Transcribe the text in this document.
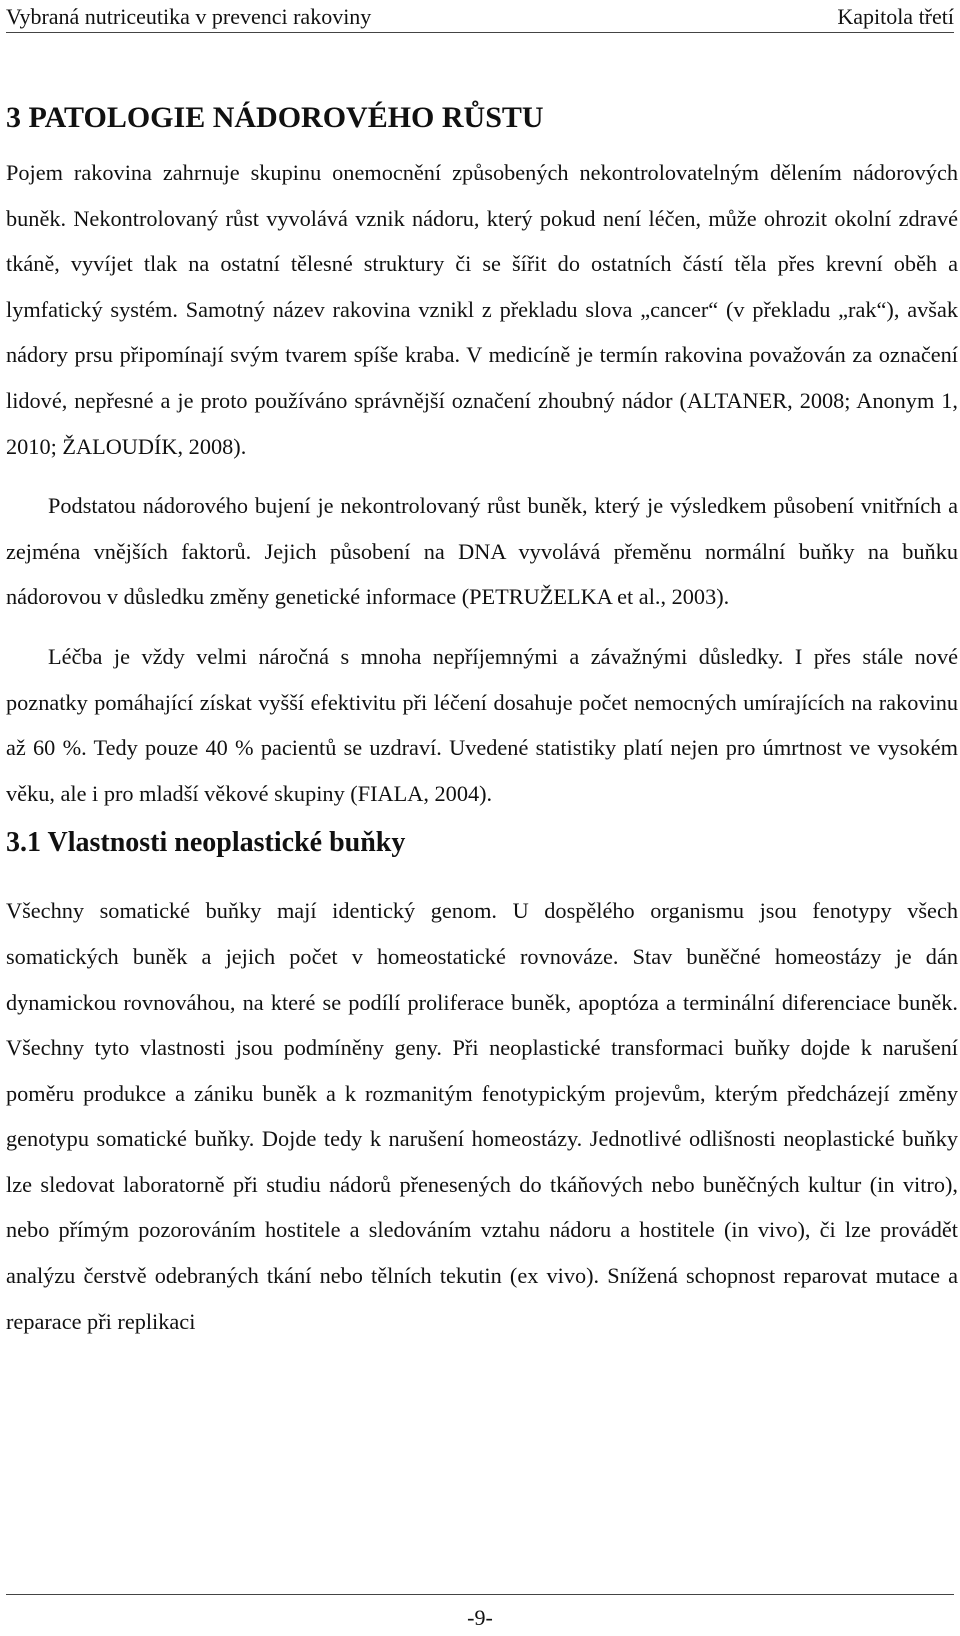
Vybraná nutriceutika v prevenci rakoviny	Kapitola třetí
3 PATOLOGIE NÁDOROVÉHO RŮSTU

Pojem rakovina zahrnuje skupinu onemocnění způsobených nekontrolovatelným dělením nádorových buněk. Nekontrolovaný růst vyvolává vznik nádoru, který pokud není léčen, může ohrozit okolní zdravé tkáně, vyvíjet tlak na ostatní tělesné struktury či se šířit do ostatních částí těla přes krevní oběh a lymfatický systém. Samotný název rakovina vznikl z překladu slova „cancer“ (v překladu „rak“), avšak nádory prsu připomínají svým tvarem spíše kraba. V medicíně je termín rakovina považován za označení lidové, nepřesné a je proto používáno správnější označení zhoubný nádor (ALTANER, 2008; Anonym 1, 2010; ŽALOUDÍK, 2008).

Podstatou nádorového bujení je nekontrolovaný růst buněk, který je výsledkem působení vnitřních a zejména vnějších faktorů. Jejich působení na DNA vyvolává přeměnu normální buňky na buňku nádorovou v důsledku změny genetické informace (PETRUŽELKA et al., 2003).

Léčba je vždy velmi náročná s mnoha nepříjemnými a závažnými důsledky. I přes stále nové poznatky pomáhající získat vyšší efektivitu při léčení dosahuje počet nemocných umírajících na rakovinu až 60 %. Tedy pouze 40 % pacientů se uzdraví. Uvedené statistiky platí nejen pro úmrtnost ve vysokém věku, ale i pro mladší věkové skupiny (FIALA, 2004).

3.1 Vlastnosti neoplastické buňky

Všechny somatické buňky mají identický genom. U dospělého organismu jsou fenotypy všech somatických buněk a jejich počet v homeostatické rovnováze. Stav buněčné homeostázy je dán dynamickou rovnováhou, na které se podílí proliferace buněk, apoptóza a terminální diferenciace buněk. Všechny tyto vlastnosti jsou podmíněny geny. Při neoplastické transformaci buňky dojde k narušení poměru produkce a zániku buněk a k rozmanitým fenotypickým projevům, kterým předcházejí změny genotypu somatické buňky. Dojde tedy k narušení homeostázy. Jednotlivé odlišnosti neoplastické buňky lze sledovat laboratorně při studiu nádorů přenesených do tkáňových nebo buněčných kultur (in vitro), nebo přímým pozorováním hostitele a sledováním vztahu nádoru a hostitele (in vivo), či lze provádět analýzu čerstvě odebraných tkání nebo tělních tekutin (ex vivo). Snížená schopnost reparovat mutace a reparace při replikaci

-9-
